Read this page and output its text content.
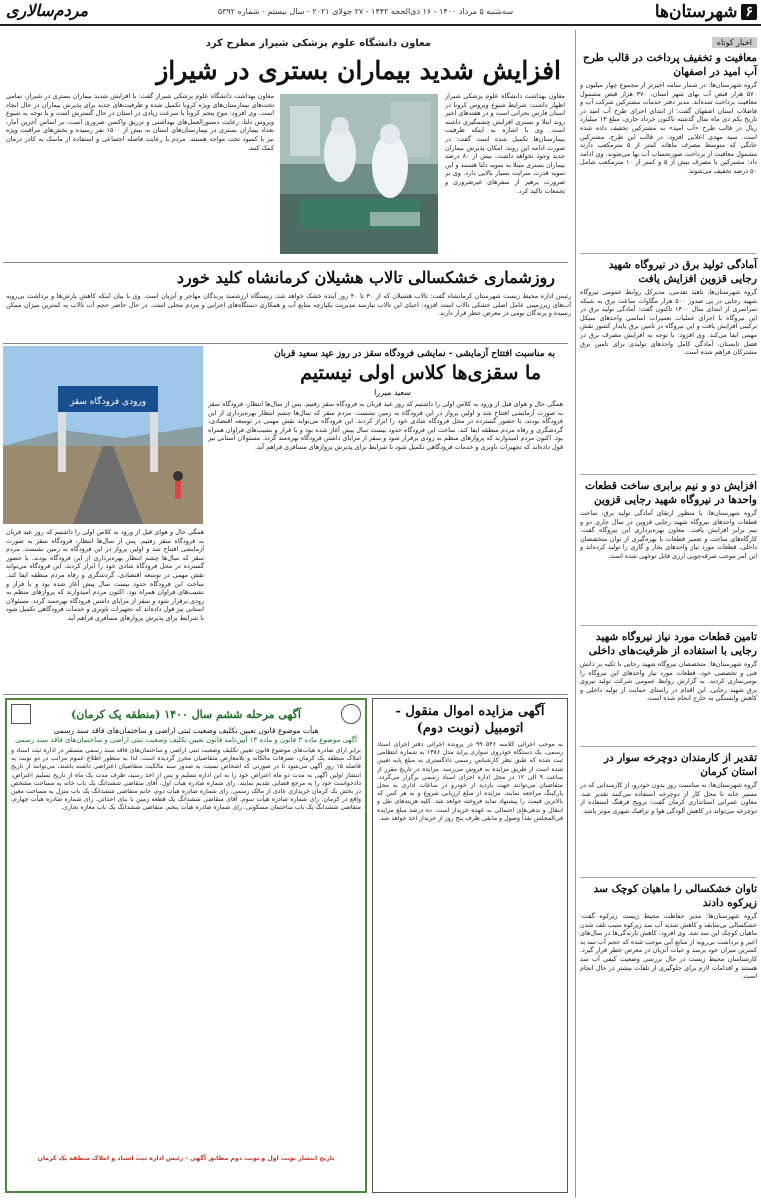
۶
شهرستان‌ها
سه‌شنبه ۵ مرداد ۱۴۰۰ - ۱۶ ذی‌الحجه ۱۴۴۲ - ۲۷ جولای ۲۰۲۱ - سال بیستم - شماره ۵۳۹۲
مردم‌سالاری
اخبار کوتاه
معافیت و تخفیف پرداخت در قالب طرح آب امید در اصفهان
گروه شهرستان‌ها: در شمار سامه اخیرتر از مجموع چهار میلیون و ۵۷۰ هزار قبض آب بهای شهر استان، ۳۷۰ هزار قبض مشمول معافیت برداخت شده‌اند. مدیر دفتر خدمات مشترکین شرکت آب و فاضلاب استان اصفهان گفت: از ابتدای اجرای طرح آب امید در تاریخ یکم دی ماه سال گذشته تاکنون خرداد جاری، مبلغ ۱۳ میلیارد ریال در قالب طرح «آب امید» به مشترکین تخفیف داده شده است. سید مهدی اعلایی افزود: در قالب این طرح، مشترکین خانگی که متوسط مصرف ماهانه کمتر از ۵ مترمکعب دارند مشمول معافیت از پرداخت صورتحساب آب بها می‌شوند. وی ادامه داد: مشترکین با مصرف بیش از ۵ و کمتر از ۱۰ مترمکعب شامل ۵۰ درصد تخفیف می‌شوند.
آمادگی تولید برق در نیروگاه شهید رجایی قزوین افزایش یافت
گروه شهرستان‌ها: ناهید تقدمی، مدیرکل روابط عمومی نیروگاه شهید رجایی در پی صدور ۵۰۰ هزار مگاوات ساعت برق به شبکه سراسری از ابتدای سال ۱۴۰۰ تاکنون گفت: آمادگی تولید برق در این نیروگاه با اجرای عملیات تعمیرات اساسی واحدهای سیکل ترکیبی افزایش یافت و این نیروگاه در تامین برق پایدار کشور نقش مهمی ایفا می‌کند. وی افزود: با توجه به افزایش مصرف برق در فصل تابستان، آمادگی کامل واحدهای تولیدی برای تامین برق مشترکان فراهم شده است.
افزایش دو و نیم برابری ساخت قطعات واحدها در نیروگاه شهید رجایی قزوین
گروه شهرستان‌ها: با منظور ارتقای آمادگی تولید برق، ساخت قطعات واحدهای نیروگاه شهید رجایی قزوین در سال جاری دو و نیم برابر افزایش یافت. معاون بهره‌برداری این نیروگاه گفت: کارگاه‌های ساخت و تعمیر قطعات با بهره‌گیری از توان متخصصان داخلی، قطعات مورد نیاز واحدهای بخار و گازی را تولید کرده‌اند و این امر موجب صرفه‌جویی ارزی قابل توجهی شده است.
تامین قطعات مورد نیاز نیروگاه شهید رجایی با استفاده از ظرفیت‌های داخلی
گروه شهرستان‌ها: متخصصان نیروگاه شهید رجایی با تکیه بر دانش فنی و تخصصی خود، قطعات مورد نیاز واحدهای این نیروگاه را بومی‌سازی کردند. به گزارش روابط عمومی شرکت تولید نیروی برق شهید رجایی، این اقدام در راستای حمایت از تولید داخلی و کاهش وابستگی به خارج انجام شده است.
تقدیر از کارمندان دوچرخه سوار در استان کرمان
گروه شهرستان‌ها: به مناسبت روز بدون خودرو، از کارمندانی که در مسیر خانه تا محل کار از دوچرخه استفاده می‌کنند تقدیر شد. معاون عمرانی استانداری کرمان گفت: ترویج فرهنگ استفاده از دوچرخه می‌تواند در کاهش آلودگی هوا و ترافیک شهری موثر باشد.
تاوان خشکسالی را ماهیان کوچک سد زیرکوه دادند
گروه شهرستان‌ها: مدیر حفاظت محیط زیست زیرکوه گفت: خشکسالی بی‌سابقه و کاهش شدید آب سد زیرکوه سبب تلف شدن ماهیان کوچک این سد شد. وی افزود: کاهش بارندگی‌ها در سال‌های اخیر و برداشت بی‌رویه از منابع آبی موجب شده که حجم آب سد به کمترین میزان خود برسد و حیات آبزیان در معرض خطر قرار گیرد. کارشناسان محیط زیست در حال بررسی وضعیت کیفی آب سد هستند و اقدامات لازم برای جلوگیری از تلفات بیشتر در حال انجام است.
معاون دانشگاه علوم پزشکی شیراز مطرح کرد
افزایش شدید بیماران بستری در شیراز
معاون بهداشت دانشگاه علوم پزشکی شیراز اظهار داشت: شرایط شیوع ویروس کرونا در استان فارس بحرانی است و در هفته‌های اخیر روند ابتلا و بستری افزایش چشمگیری داشته است. وی با اشاره به اینکه ظرفیت بیمارستان‌ها تکمیل شده است گفت: در صورت ادامه این روند، امکان پذیرش بیماران جدید وجود نخواهد داشت. بیش از ۸۰ درصد بیماران بستری مبتلا به سویه دلتا هستند و این سویه قدرت سرایت بسیار بالایی دارد. وی بر ضرورت پرهیز از سفرهای غیرضروری و تجمعات تاکید کرد.
معاون بهداشت دانشگاه علوم پزشکی شیراز گفت: با افزایش شدید بیماران بستری در شیراز، تمامی تخت‌های بیمارستان‌های ویژه کرونا تکمیل شده و ظرفیت‌های جدید برای پذیرش بیماران در حال ایجاد است. وی افزود: موج پنجم کرونا با سرعت زیادی در استان در حال گسترش است و با توجه به شیوع ویروس دلتا، رعایت دستورالعمل‌های بهداشتی و تزریق واکسن ضروری است. بر اساس آخرین آمار، تعداد بیماران بستری در بیمارستان‌های استان به بیش از ۱۵۰۰ نفر رسیده و بخش‌های مراقبت ویژه نیز با کمبود تخت مواجه هستند. مردم با رعایت فاصله اجتماعی و استفاده از ماسک به کادر درمان کمک کنند.
روزشماری خشکسالی تالاب هشیلان کرمانشاه کلید خورد
رئیس اداره محیط زیست شهرستان کرمانشاه گفت: تالاب هشیلان که از ۳۰ تا ۴۰ روز آینده خشک خواهد شد، زیستگاه ارزشمند پرندگان مهاجر و آبزیان است. وی با بیان اینکه کاهش بارش‌ها و برداشت بی‌رویه آب‌های زیرزمینی عامل اصلی خشکی تالاب است افزود: احیای این تالاب نیازمند مدیریت یکپارچه منابع آب و همکاری دستگاه‌های اجرایی و مردم محلی است. در حال حاضر حجم آب تالاب به کمترین میزان ممکن رسیده و پرندگان بومی در معرض خطر قرار دارند.
به مناسبت افتتاح آزمایشی - نمایشی فرودگاه سقز در روز عید سعید قربان
ما سقزی‌ها کلاس اولی نیستیم
سعید میرزا
ورودی فرودگاه سقز	همگی حال و هوای قبل از ورود به کلاس اولی را داشتیم که روز عید قربان به فرودگاه سقز رفتیم. پس از سال‌ها انتظار، فرودگاه سقز به صورت آزمایشی افتتاح شد و اولین پرواز در این فرودگاه به زمین نشست. مردم سقز که سال‌ها چشم انتظار بهره‌برداری از این فرودگاه بودند، با حضور گسترده در محل فرودگاه شادی خود را ابراز کردند. این فرودگاه می‌تواند نقش مهمی در توسعه اقتصادی، گردشگری و رفاه مردم منطقه ایفا کند. ساخت این فرودگاه حدود بیست سال پیش آغاز شده بود و با فراز و نشیب‌های فراوان همراه بود. اکنون مردم امیدوارند که پروازهای منظم به زودی برقرار شود و سقز از مزایای داشتن فرودگاه بهره‌مند گردد. مسئولان استانی نیز قول داده‌اند که تجهیزات ناوبری و خدمات فرودگاهی تکمیل شود تا شرایط برای پذیرش پروازهای مسافری فراهم آید.
همگی حال و هوای قبل از ورود به کلاس اولی را داشتیم که روز عید قربان به فرودگاه سقز رفتیم. پس از سال‌ها انتظار، فرودگاه سقز به صورت آزمایشی افتتاح شد و اولین پرواز در این فرودگاه به زمین نشست. مردم سقز که سال‌ها چشم انتظار بهره‌برداری از این فرودگاه بودند، با حضور گسترده در محل فرودگاه شادی خود را ابراز کردند. این فرودگاه می‌تواند نقش مهمی در توسعه اقتصادی، گردشگری و رفاه مردم منطقه ایفا کند. ساخت این فرودگاه حدود بیست سال پیش آغاز شده بود و با فراز و نشیب‌های فراوان همراه بود. اکنون مردم امیدوارند که پروازهای منظم به زودی برقرار شود و سقز از مزایای داشتن فرودگاه بهره‌مند گردد. مسئولان استانی نیز قول داده‌اند که تجهیزات ناوبری و خدمات فرودگاهی تکمیل شود تا شرایط برای پذیرش پروازهای مسافری فراهم آید.
آگهی مزایده اموال منقول - اتومبیل (نوبت دوم)
به موجب اجرائی کلاسه ۹۹۰۵۴۶ در پرونده اجرائی دفتر اجرای اسناد رسمی، یک دستگاه خودروی سواری پراید مدل ۱۳۸۶ به شماره انتظامی ثبت شده که طبق نظر کارشناس رسمی دادگستری به مبلغ پایه تعیین شده است از طریق مزایده به فروش می‌رسد. مزایده در تاریخ مقرر از ساعت ۹ الی ۱۲ در محل اداره اجرای اسناد رسمی برگزار می‌گردد. متقاضیان می‌توانند جهت بازدید از خودرو در ساعات اداری به محل پارکینگ مراجعه نمایند. مزایده از مبلغ ارزیابی شروع و به هر کس که بالاترین قیمت را پیشنهاد نماید فروخته خواهد شد. کلیه هزینه‌های نقل و انتقال و بدهی‌های احتمالی به عهده خریدار است. ده درصد مبلغ مزایده فی‌المجلس نقداً وصول و مابقی ظرف پنج روز از خریدار اخذ خواهد شد.
آگهی مرحله ششم سال ۱۴۰۰ (منطقه یک کرمان)
هیأت موضوع قانون تعیین تکلیف وضعیت ثبتی اراضی و ساختمان‌های فاقد سند رسمی
آگهی موضوع ماده ۳ قانون و ماده ۱۳ آیین‌نامه قانون تعیین تکلیف وضعیت ثبتی اراضی و ساختمان‌های فاقد سند رسمی
برابر آرای صادره هیأت‌های موضوع قانون تعیین تکلیف وضعیت ثبتی اراضی و ساختمان‌های فاقد سند رسمی مستقر در اداره ثبت اسناد و املاک منطقه یک کرمان، تصرفات مالکانه و بلامعارض متقاضیان محرز گردیده است. لذا به منظور اطلاع عموم مراتب در دو نوبت به فاصله ۱۵ روز آگهی می‌شود تا در صورتی که اشخاص نسبت به صدور سند مالکیت متقاضیان اعتراضی داشته باشند، می‌توانند از تاریخ انتشار اولین آگهی به مدت دو ماه اعتراض خود را به این اداره تسلیم و پس از اخذ رسید، ظرف مدت یک ماه از تاریخ تسلیم اعتراض، دادخواست خود را به مرجع قضایی تقدیم نمایند. رای شماره صادره هیأت اول، آقای متقاضی ششدانگ یک باب خانه به مساحت مشخص در بخش یک کرمان خریداری عادی از مالک رسمی. رای شماره صادره هیأت دوم، خانم متقاضی ششدانگ یک باب منزل به مساحت معین واقع در کرمان. رای شماره صادره هیأت سوم، آقای متقاضی ششدانگ یک قطعه زمین با بنای احداثی. رای شماره صادره هیأت چهارم، متقاضی ششدانگ یک باب ساختمان مسکونی. رای شماره صادره هیأت پنجم، متقاضی ششدانگ یک باب مغازه تجاری.
تاریخ انتشار نوبت اول و نوبت دوم مطابق آگهی - رئیس اداره ثبت اسناد و املاک منطقه یک کرمان
